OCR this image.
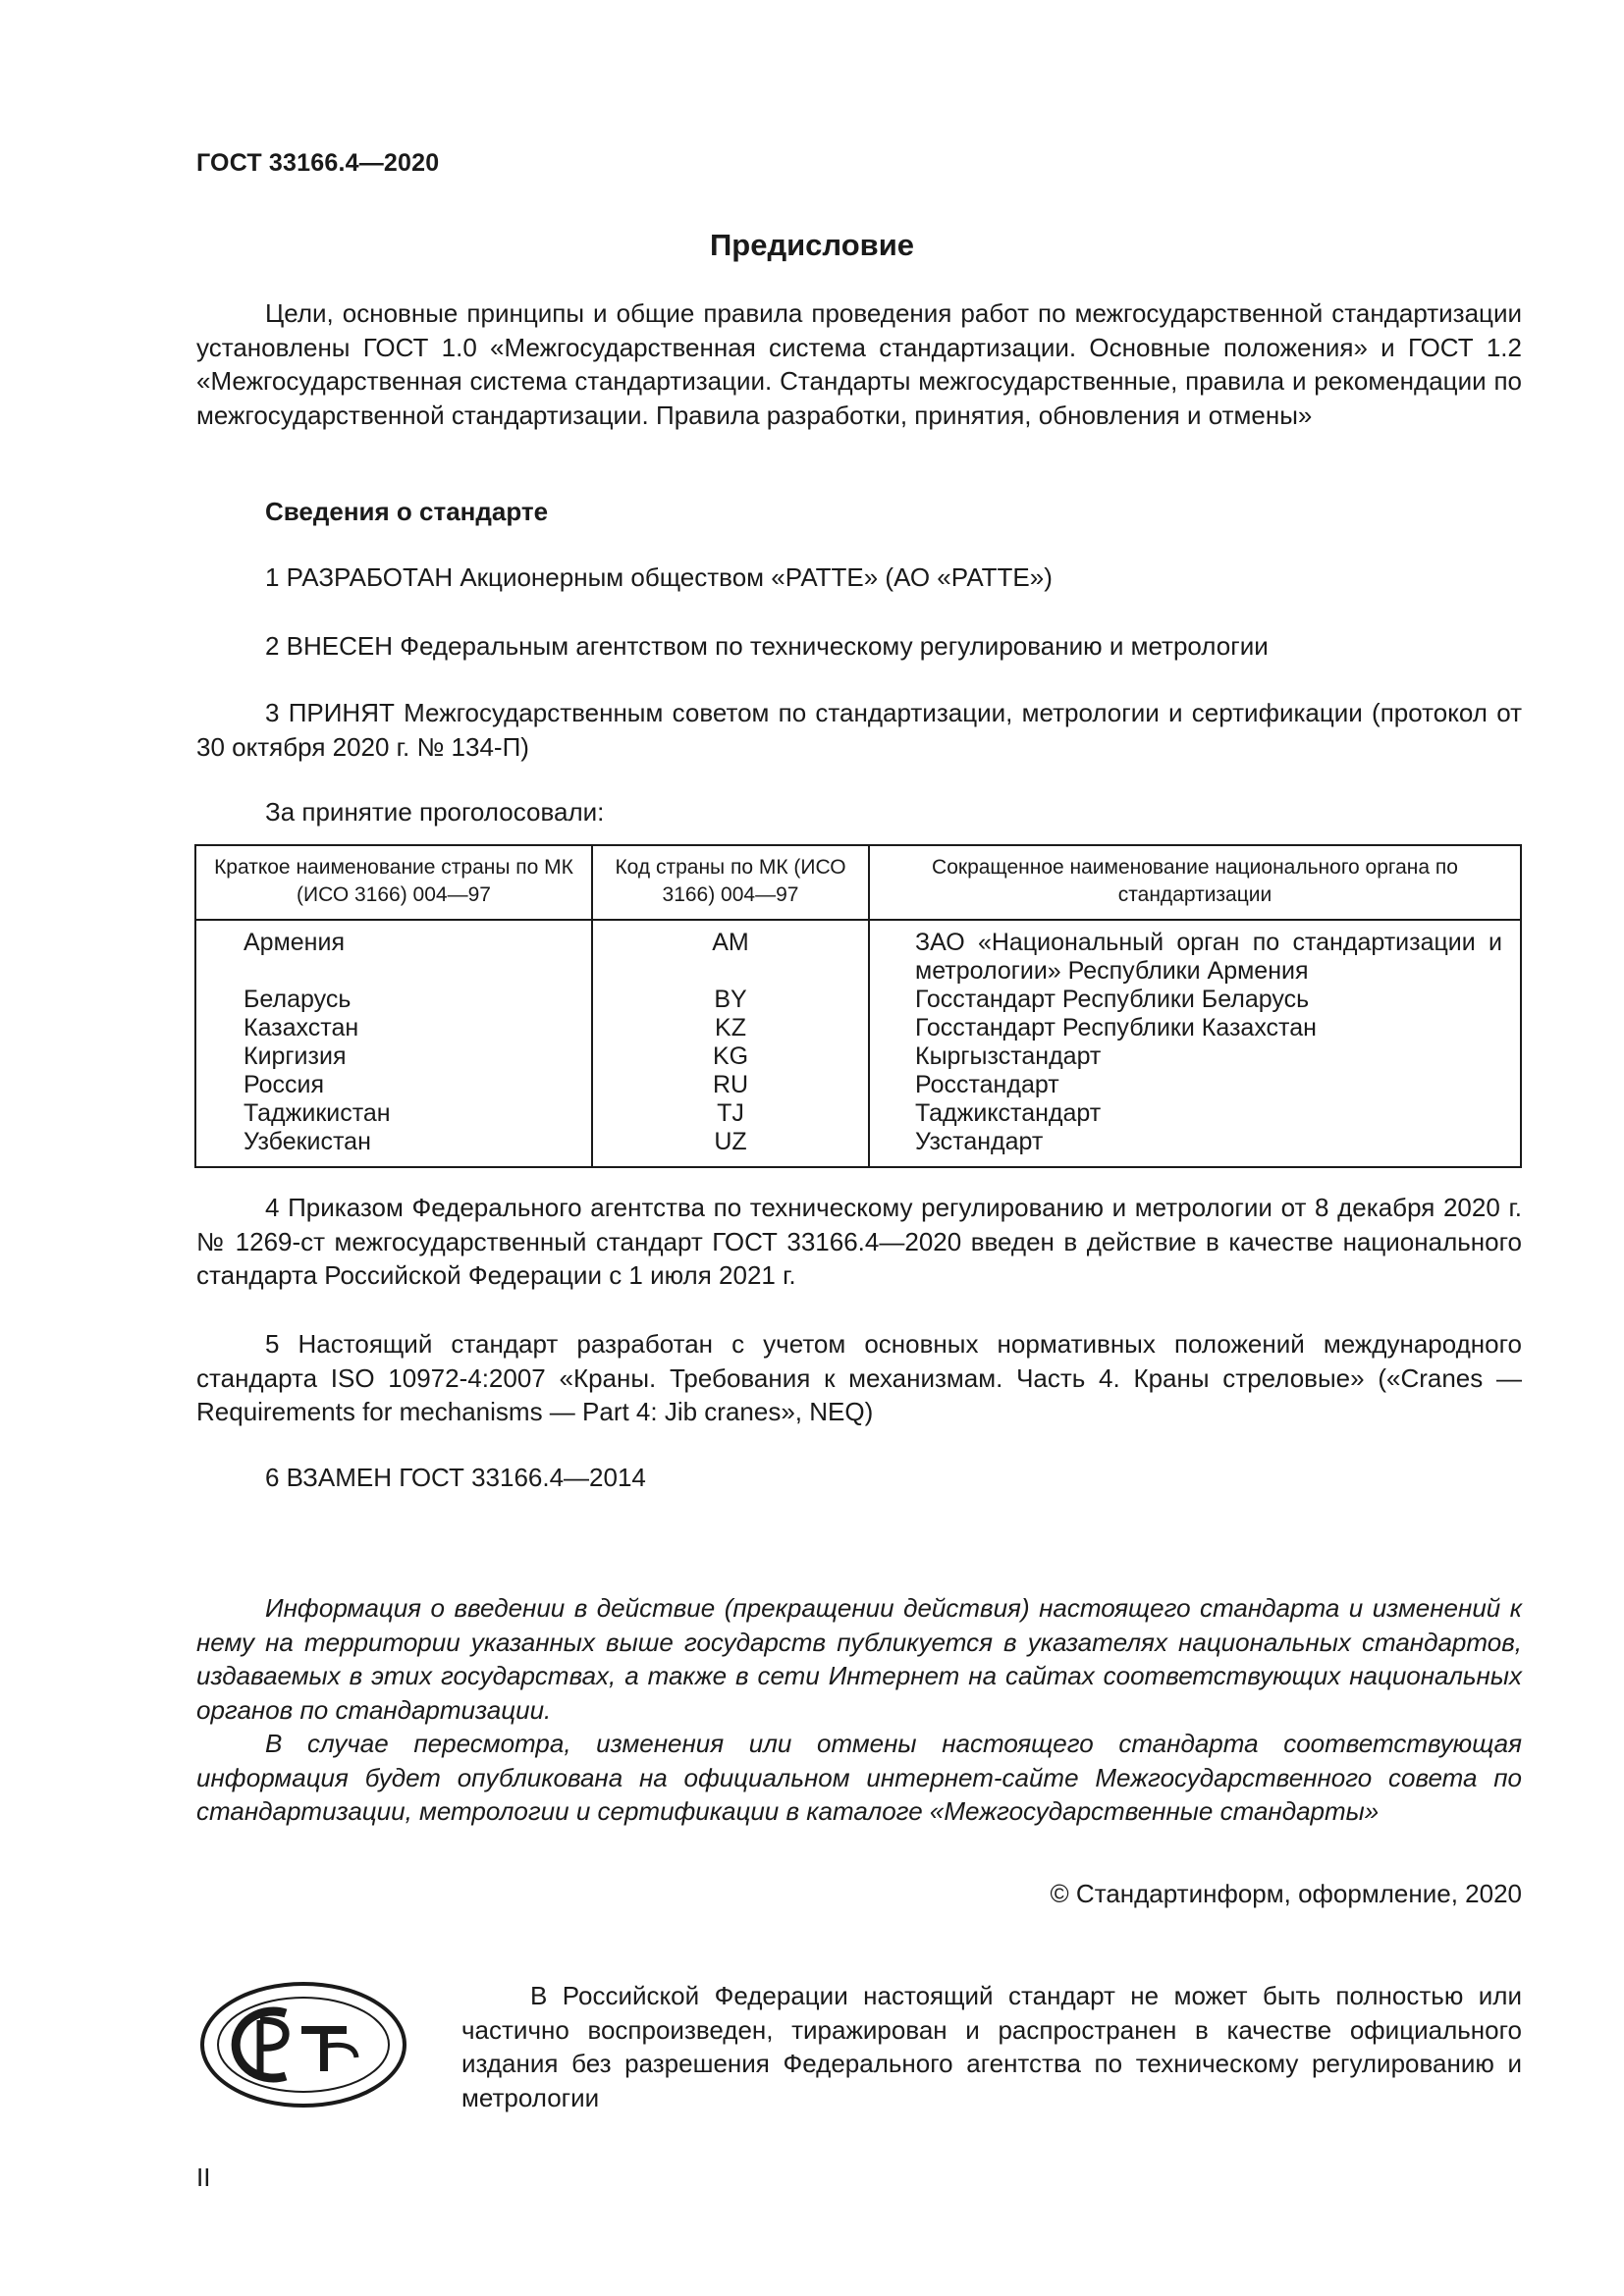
ГОСТ 33166.4—2020
Предисловие
Цели, основные принципы и общие правила проведения работ по межгосударственной стандартизации установлены ГОСТ 1.0 «Межгосударственная система стандартизации. Основные положения» и ГОСТ 1.2 «Межгосударственная система стандартизации. Стандарты межгосударственные, правила и рекомендации по межгосударственной стандартизации. Правила разработки, принятия, обновления и отмены»
Сведения о стандарте
1 РАЗРАБОТАН Акционерным обществом «РАТТЕ» (АО «РАТТЕ»)
2 ВНЕСЕН Федеральным агентством по техническому регулированию и метрологии
3 ПРИНЯТ Межгосударственным советом по стандартизации, метрологии и сертификации (протокол от 30 октября 2020 г. № 134-П)
За принятие проголосовали:
Краткое наименование страны по МК (ИСО 3166) 004—97	Код страны по МК (ИСО 3166) 004—97	Сокращенное наименование национального органа по стандартизации
Армения	AM	ЗАО «Национальный орган по стандартизации и метрологии» Республики Армения
Беларусь	BY	Госстандарт Республики Беларусь
Казахстан	KZ	Госстандарт Республики Казахстан
Киргизия	KG	Кыргызстандарт
Россия	RU	Росстандарт
Таджикистан	TJ	Таджикстандарт
Узбекистан	UZ	Узстандарт
4 Приказом Федерального агентства по техническому регулированию и метрологии от 8 декабря 2020 г. № 1269-ст межгосударственный стандарт ГОСТ 33166.4—2020 введен в действие в качестве национального стандарта Российской Федерации с 1 июля 2021 г.
5 Настоящий стандарт разработан с учетом основных нормативных положений международного стандарта ISO 10972-4:2007 «Краны. Требования к механизмам. Часть 4. Краны стреловые» («Cranes — Requirements for mechanisms — Part 4: Jib cranes», NEQ)
6 ВЗАМЕН ГОСТ 33166.4—2014
Информация о введении в действие (прекращении действия) настоящего стандарта и изменений к нему на территории указанных выше государств публикуется в указателях национальных стандартов, издаваемых в этих государствах, а также в сети Интернет на сайтах соответствующих национальных органов по стандартизации.
В случае пересмотра, изменения или отмены настоящего стандарта соответствующая информация будет опубликована на официальном интернет-сайте Межгосударственного совета по стандартизации, метрологии и сертификации в каталоге «Межгосударственные стандарты»
© Стандартинформ, оформление, 2020
В Российской Федерации настоящий стандарт не может быть полностью или частично воспроизведен, тиражирован и распространен в качестве официального издания без разрешения Федерального агентства по техническому регулированию и метрологии
II
